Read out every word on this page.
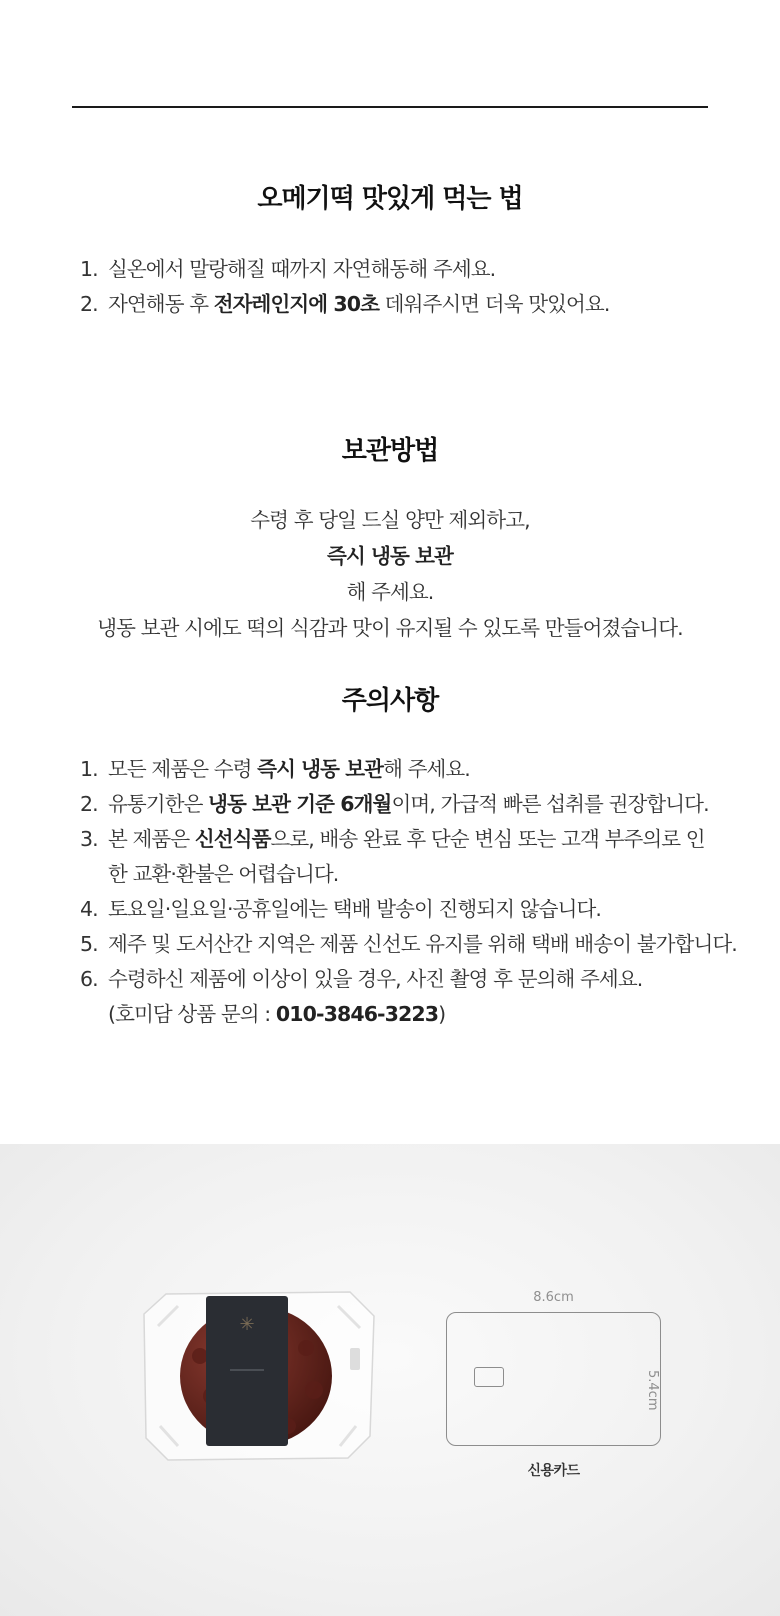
오메기떡 맛있게 먹는 법
1. 실온에서 말랑해질 때까지 자연해동해 주세요.
2. 자연해동 후 전자레인지에 30초 데워주시면 더욱 맛있어요.
보관방법

수령 후 당일 드실 양만 제외하고,
즉시 냉동 보관
해 주세요.
냉동 보관 시에도 떡의 식감과 맛이 유지될 수 있도록 만들어졌습니다.

주의사항
1. 모든 제품은 수령 즉시 냉동 보관해 주세요.
2. 유통기한은 냉동 보관 기준 6개월이며, 가급적 빠른 섭취를 권장합니다.
3. 본 제품은 신선식품으로, 배송 완료 후 단순 변심 또는 고객 부주의로 인
한 교환·환불은 어렵습니다.
4. 토요일·일요일·공휴일에는 택배 발송이 진행되지 않습니다.
5. 제주 및 도서산간 지역은 제품 신선도 유지를 위해 택배 배송이 불가합니다.
6. 수령하신 제품에 이상이 있을 경우, 사진 촬영 후 문의해 주세요.
(호미담 상품 문의 : 010-3846-3223)
✳
8.6cm
5.4cm
신용카드
